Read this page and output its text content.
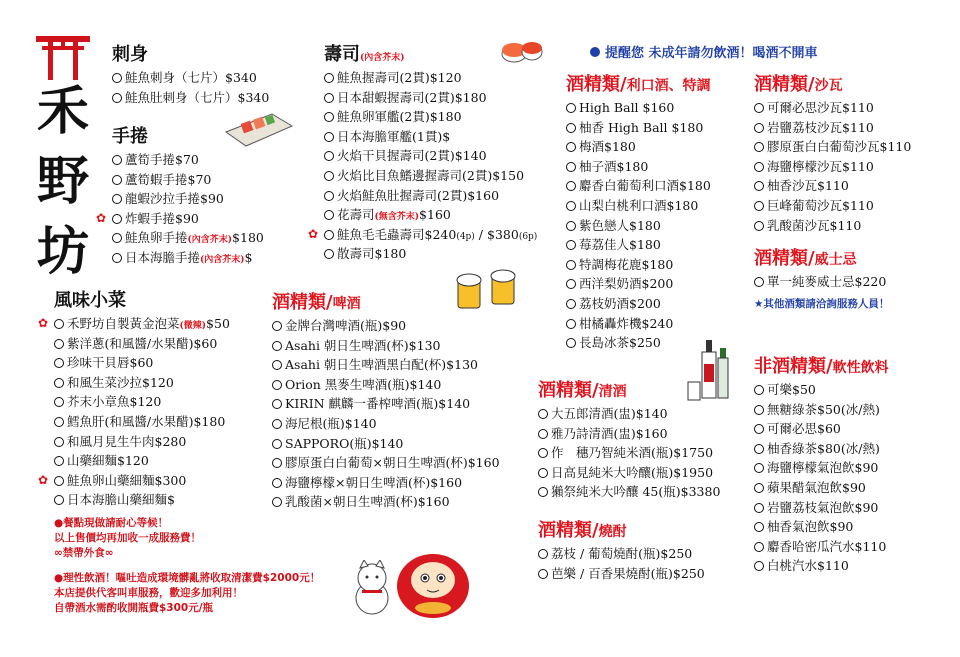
禾
野
坊
刺身
鮭魚刺身（七片）$340
鮭魚肚刺身（七片）$340
手捲
蘆筍手捲$70
蘆筍蝦手捲$70
龍蝦沙拉手捲$90
✿ 炸蝦手捲$90
鮭魚卵手捲(內含芥末)$180
日本海膽手捲(內含芥末)$
壽司(內含芥末)
鮭魚握壽司(2貫)$120
日本甜蝦握壽司(2貫)$180
鮭魚卵軍艦(2貫)$180
日本海膽軍艦(1貫)$
火焰干貝握壽司(2貫)$140
火焰比目魚鰭邊握壽司(2貫)$150
火焰鮭魚肚握壽司(2貫)$160
花壽司(無含芥末)$160
✿ 鮭魚毛毛蟲壽司$240(4p) / $380(6p)
散壽司$180
提醒您 未成年請勿飲酒！喝酒不開車
風味小菜
✿ 禾野坊自製黃金泡菜(微辣)$50
紫洋蔥(和風醬/水果醋)$60
珍味干貝唇$60
和風生菜沙拉$120
芥末小章魚$120
鱈魚肝(和風醬/水果醋)$180
和風月見生牛肉$280
山藥細麵$120
✿ 鮭魚卵山藥細麵$300
日本海膽山藥細麵$
●餐點現做請耐心等候！
以上售價均再加收一成服務費！
∞禁帶外食∞
●理性飲酒！嘔吐造成環境髒亂將收取清潔費$2000元！
本店提供代客叫車服務，歡迎多加利用！
自帶酒水需酌收開瓶費$300元/瓶
酒精類/啤酒
金牌台灣啤酒(瓶)$90
Asahi 朝日生啤酒(杯)$130
Asahi 朝日生啤酒黑白配(杯)$130
Orion 黑麥生啤酒(瓶)$140
KIRIN 麒麟一番榨啤酒(瓶)$140
海尼根(瓶)$140
SAPPORO(瓶)$140
膠原蛋白白葡萄×朝日生啤酒(杯)$160
海鹽檸檬×朝日生啤酒(杯)$160
乳酸菌×朝日生啤酒(杯)$160
酒精類/利口酒、特調
High Ball $160
柚香 High Ball $180
梅酒$180
柚子酒$180
麝香白葡萄利口酒$180
山梨白桃利口酒$180
紫色戀人$180
莓荔佳人$180
特調梅花鹿$180
西洋梨奶酒$200
荔枝奶酒$200
柑橘轟炸機$240
長島冰茶$250
酒精類/清酒
大五郎清酒(盅)$140
雅乃詩清酒(盅)$160
作　穗乃智純米酒(瓶)$1750
日高見純米大吟釀(瓶)$1950
獺祭純米大吟釀 45(瓶)$3380
酒精類/燒酎
荔枝 / 葡萄燒酎(瓶)$250
芭樂 / 百香果燒酎(瓶)$250
酒精類/沙瓦
可爾必思沙瓦$110
岩鹽荔枝沙瓦$110
膠原蛋白白葡萄沙瓦$110
海鹽檸檬沙瓦$110
柚香沙瓦$110
巨峰葡萄沙瓦$110
乳酸菌沙瓦$110
酒精類/威士忌
單一純麥威士忌$220
★其他酒類請洽詢服務人員！
非酒精類/軟性飲料
可樂$50
無糖綠茶$50(冰/熱)
可爾必思$60
柚香綠茶$80(冰/熱)
海鹽檸檬氣泡飲$90
蘋果醋氣泡飲$90
岩鹽荔枝氣泡飲$90
柚香氣泡飲$90
麝香哈密瓜汽水$110
白桃汽水$110
